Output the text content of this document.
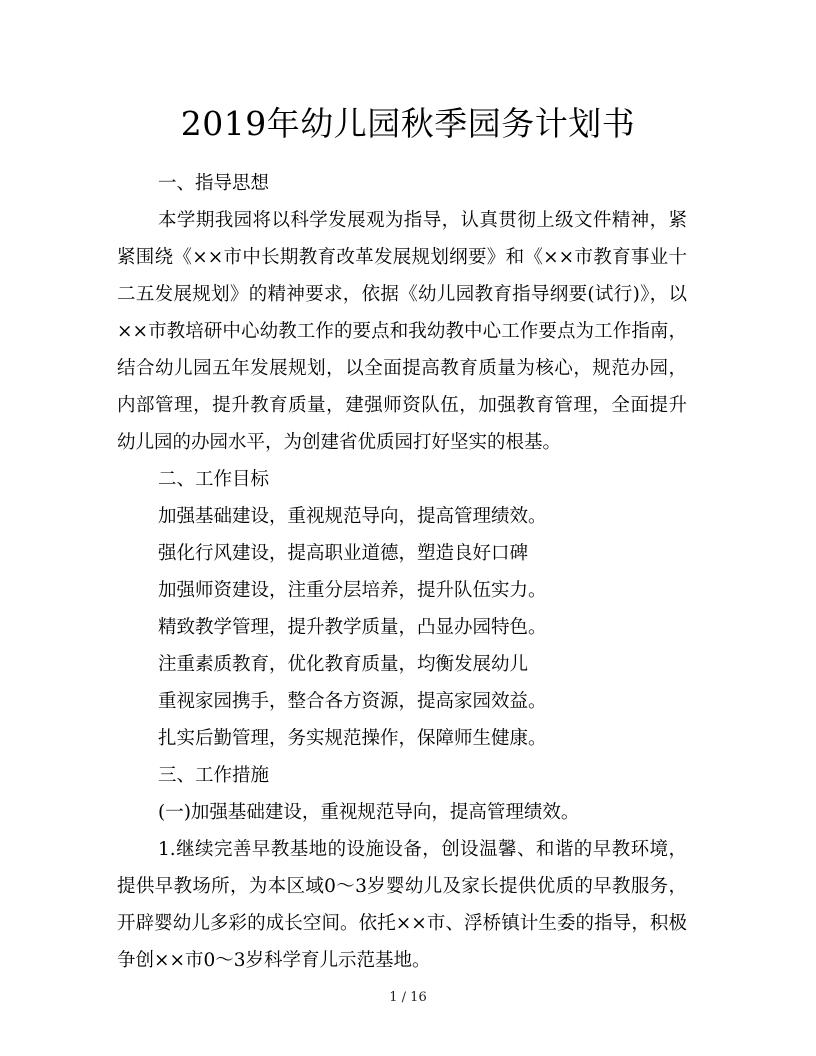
2019年幼儿园秋季园务计划书

一、指导思想

本学期我园将以科学发展观为指导，认真贯彻上级文件精神，紧紧围绕《××市中长期教育改革发展规划纲要》和《××市教育事业十二五发展规划》的精神要求，依据《幼儿园教育指导纲要(试行)》，以××市教培研中心幼教工作的要点和我幼教中心工作要点为工作指南，结合幼儿园五年发展规划，以全面提高教育质量为核心，规范办园，内部管理，提升教育质量，建强师资队伍，加强教育管理，全面提升幼儿园的办园水平，为创建省优质园打好坚实的根基。

二、工作目标

加强基础建设，重视规范导向，提高管理绩效。

强化行风建设，提高职业道德，塑造良好口碑

加强师资建设，注重分层培养，提升队伍实力。

精致教学管理，提升教学质量，凸显办园特色。

注重素质教育，优化教育质量，均衡发展幼儿

重视家园携手，整合各方资源，提高家园效益。

扎实后勤管理，务实规范操作，保障师生健康。

三、工作措施

(一)加强基础建设，重视规范导向，提高管理绩效。

1.继续完善早教基地的设施设备，创设温馨、和谐的早教环境，提供早教场所，为本区域0～3岁婴幼儿及家长提供优质的早教服务，开辟婴幼儿多彩的成长空间。依托××市、浮桥镇计生委的指导，积极争创××市0～3岁科学育儿示范基地。

1 / 16
